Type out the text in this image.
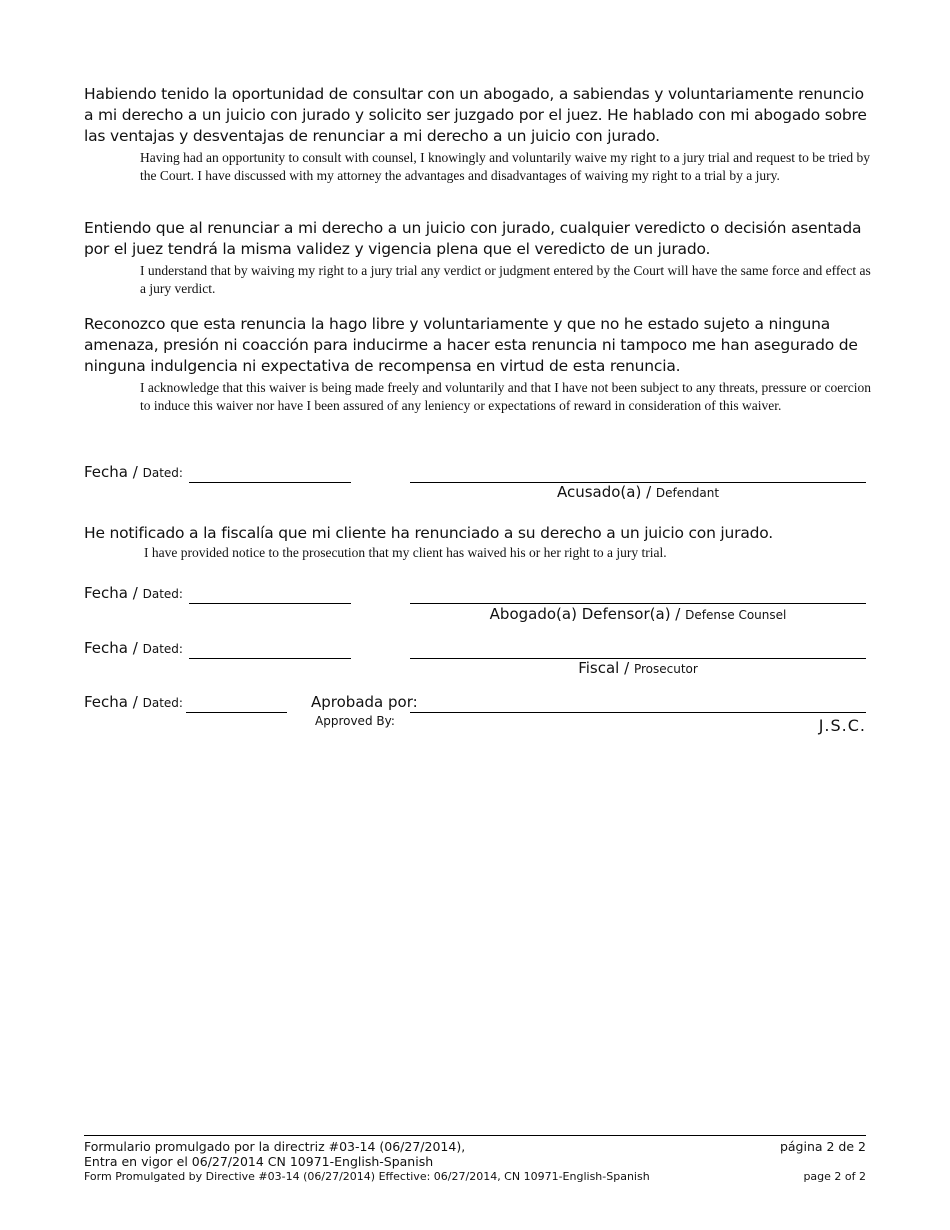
Habiendo tenido la oportunidad de consultar con un abogado, a sabiendas y voluntariamente renuncio a mi derecho a un juicio con jurado y solicito ser juzgado por el juez. He hablado con mi abogado sobre las ventajas y desventajas de renunciar a mi derecho a un juicio con jurado.
Having had an opportunity to consult with counsel, I knowingly and voluntarily waive my right to a jury trial and request to be tried by the Court. I have discussed with my attorney the advantages and disadvantages of waiving my right to a trial by a jury.
Entiendo que al renunciar a mi derecho a un juicio con jurado, cualquier veredicto o decisión asentada por el juez tendrá la misma validez y vigencia plena que el veredicto de un jurado.
I understand that by waiving my right to a jury trial any verdict or judgment entered by the Court will have the same force and effect as a jury verdict.
Reconozco que esta renuncia la hago libre y voluntariamente y que no he estado sujeto a ninguna amenaza, presión ni coacción para inducirme a hacer esta renuncia ni tampoco me han asegurado de ninguna indulgencia ni expectativa de recompensa en virtud de esta renuncia.
I acknowledge that this waiver is being made freely and voluntarily and that I have not been subject to any threats, pressure or coercion to induce this waiver nor have I been assured of any leniency or expectations of reward in consideration of this waiver.
Fecha / Dated:
Acusado(a) / Defendant
He notificado a la fiscalía que mi cliente ha renunciado a su derecho a un juicio con jurado.
I have provided notice to the prosecution that my client has waived his or her right to a jury trial.
Fecha / Dated:
Abogado(a) Defensor(a) / Defense Counsel
Fecha / Dated:
Fiscal / Prosecutor
Fecha / Dated:	Aprobada por:
Approved By:	J.S.C.
Formulario promulgado por la directriz #03-14 (06/27/2014),	página 2 de 2
Entra en vigor el 06/27/2014 CN 10971-English-Spanish
Form Promulgated by Directive #03-14 (06/27/2014) Effective: 06/27/2014, CN 10971-English-Spanish	page 2 of 2
